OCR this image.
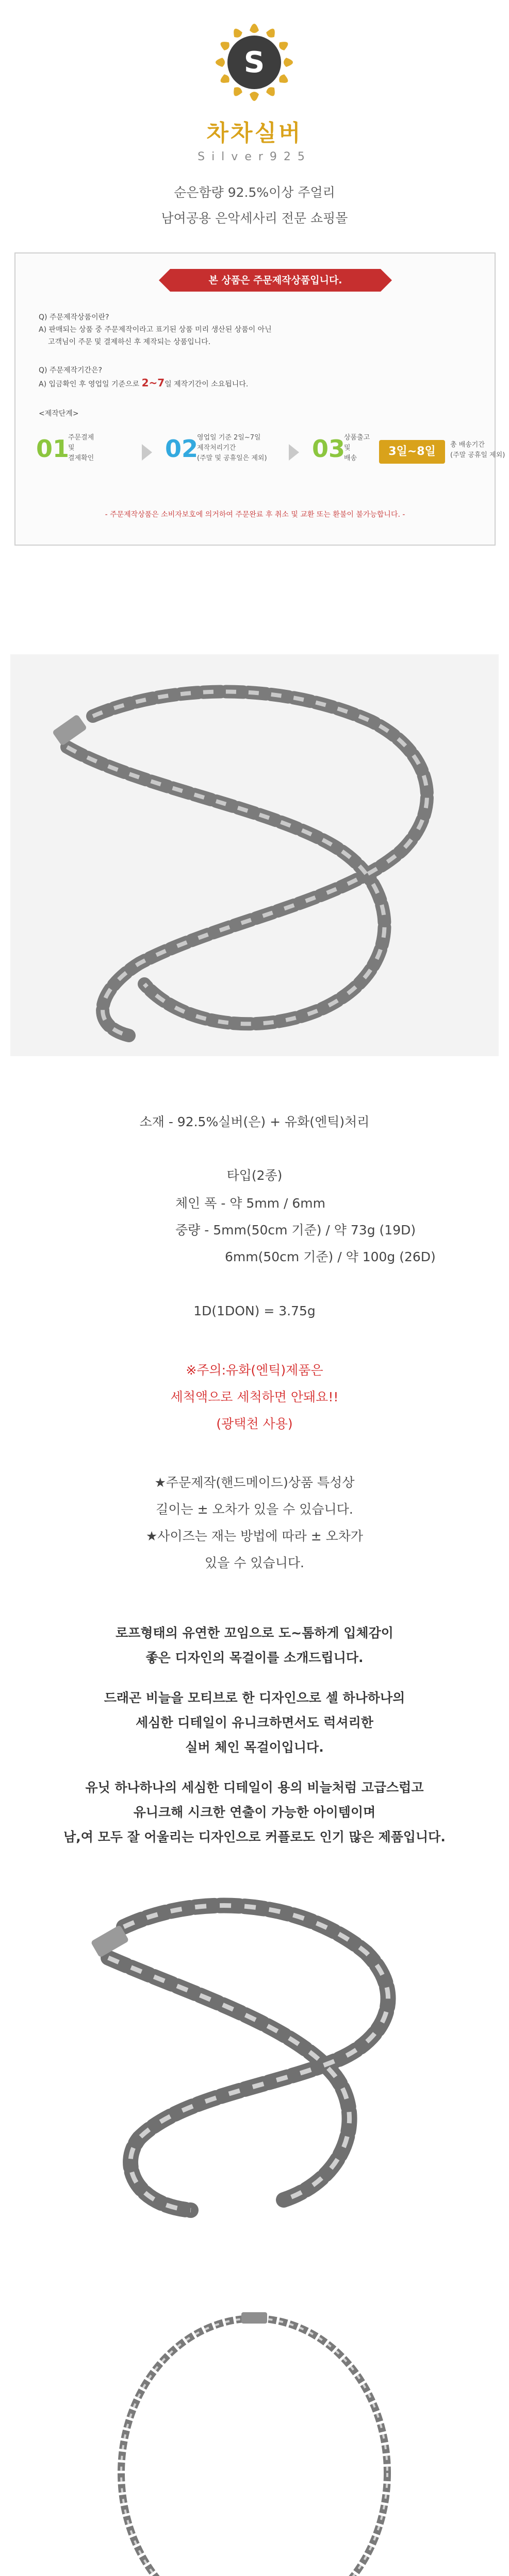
S
차차실버
Silver925
순은함량 92.5%이상 주얼리
남여공용 은악세사리 전문 쇼핑몰
본 상품은 주문제작상품입니다.
Q) 주문제작상품이란?
A) 판매되는 상품 중 주문제작이라고 표기된 상품 미리 생산된 상품이 아닌
고객님이 주문 및 결제하신 후 제작되는 상품입니다.
Q) 주문제작기간은?
A) 입금확인 후 영업일 기준으로 2~7일 제작기간이 소요됩니다.
<제작단계>
01
주문결제
및
결제확인	02
영업일 기준 2일~7일
제작처리기간
(주말 및 공휴일은 제외)	03
상품출고
및
배송
3일~8일
총 배송기간
(주말 공휴일 제외)
- 주문제작상품은 소비자보호에 의거하여 주문완료 후 취소 및 교환 또는 환불이 불가능합니다. -
소재 - 92.5%실버(은) + 유화(엔틱)처리
타입(2종)
체인 폭 - 약 5mm / 6mm
중량 - 5mm(50cm 기준) / 약 73g (19D)
6mm(50cm 기준) / 약 100g (26D)
1D(1DON) = 3.75g
※주의:유화(엔틱)제품은
세척액으로 세척하면 안돼요!!
(광택천 사용)
★주문제작(핸드메이드)상품 특성상
길이는 ± 오차가 있을 수 있습니다.
★사이즈는 재는 방법에 따라 ± 오차가
있을 수 있습니다.
로프형태의 유연한 꼬임으로 도~톰하게 입체감이
좋은 디자인의 목걸이를 소개드립니다.
드래곤 비늘을 모티브로 한 디자인으로 셀 하나하나의
세심한 디테일이 유니크하면서도 럭셔리한
실버 체인 목걸이입니다.
유닛 하나하나의 세심한 디테일이 용의 비늘처럼 고급스럽고
유니크해 시크한 연출이 가능한 아이템이며
남,여 모두 잘 어울리는 디자인으로 커플로도 인기 많은 제품입니다.
